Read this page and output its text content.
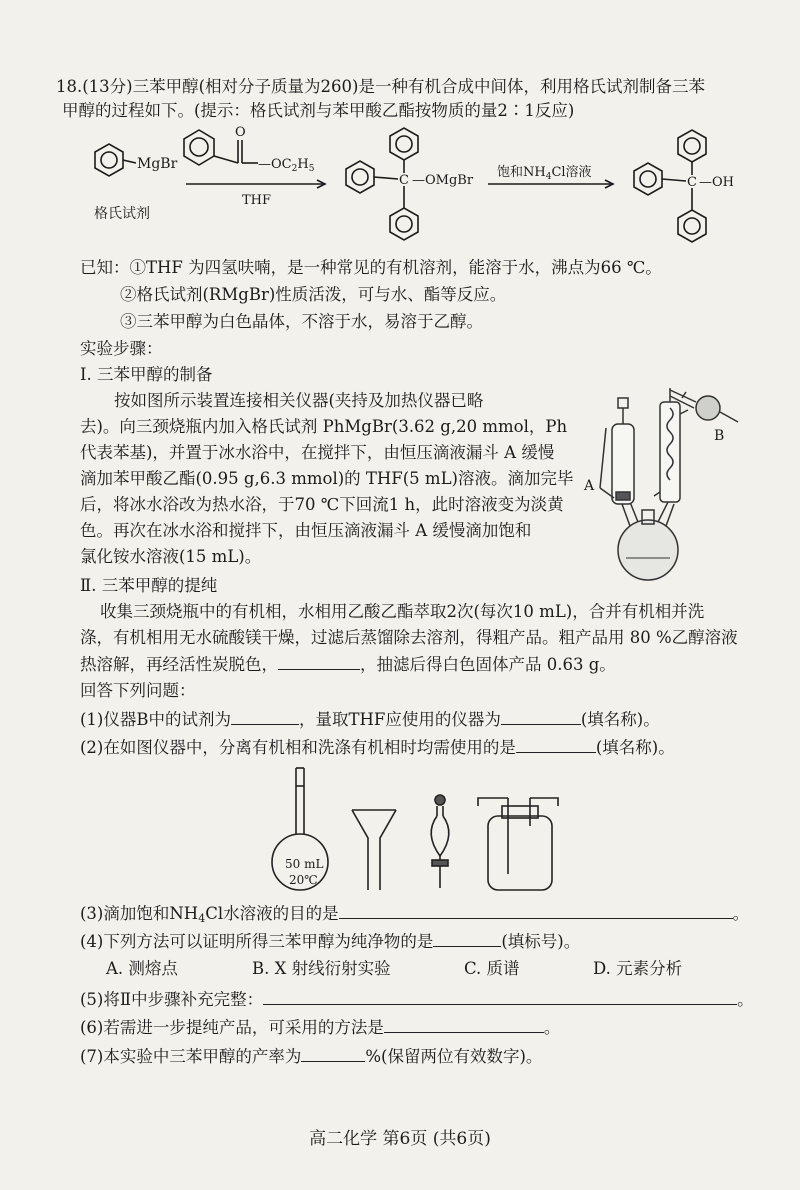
18.(13分)三苯甲醇(相对分子质量为260)是一种有机合成中间体，利用格氏试剂制备三苯
甲醇的过程如下。(提示：格氏试剂与苯甲酸乙酯按物质的量2∶1反应)
MgBr
格氏试剂
O
$—OC_2H_5$
THF
C —OMgBr
饱和$NH_4Cl$溶液
C —OH
已知：①THF 为四氢呋喃，是一种常见的有机溶剂，能溶于水，沸点为66 ℃。
②格氏试剂(RMgBr)性质活泼，可与水、酯等反应。
③三苯甲醇为白色晶体，不溶于水，易溶于乙醇。
实验步骤：
Ⅰ. 三苯甲醇的制备
按如图所示装置连接相关仪器(夹持及加热仪器已略
去)。向三颈烧瓶内加入格氏试剂 PhMgBr(3.62 g,20 mmol，Ph
代表苯基)，并置于冰水浴中，在搅拌下，由恒压滴液漏斗 A 缓慢
滴加苯甲酸乙酯(0.95 g,6.3 mmol)的 THF(5 mL)溶液。滴加完毕
后，将冰水浴改为热水浴，于70 ℃下回流1 h，此时溶液变为淡黄
色。再次在冰水浴和搅拌下，由恒压滴液漏斗 A 缓慢滴加饱和
氯化铵水溶液(15 mL)。
A
B
Ⅱ. 三苯甲醇的提纯
收集三颈烧瓶中的有机相，水相用乙酸乙酯萃取2次(每次10 mL)，合并有机相并洗
涤，有机相用无水硫酸镁干燥，过滤后蒸馏除去溶剂，得粗产品。粗产品用 80 %乙醇溶液
热溶解，再经活性炭脱色，	，抽滤后得白色固体产品 0.63 g。
回答下列问题：
(1)仪器B中的试剂为	，量取THF应使用的仪器为	(填名称)。
(2)在如图仪器中，分离有机相和洗涤有机相时均需使用的是	(填名称)。
50 mL
20℃
(3)滴加饱和$NH_4Cl$水溶液的目的是	。
(4)下列方法可以证明所得三苯甲醇为纯净物的是	(填标号)。
A. 测熔点	B. X 射线衍射实验	C. 质谱	D. 元素分析
(5)将Ⅱ中步骤补充完整：	。
(6)若需进一步提纯产品，可采用的方法是	。
(7)本实验中三苯甲醇的产率为	%(保留两位有效数字)。
高二化学 第6页 (共6页)
